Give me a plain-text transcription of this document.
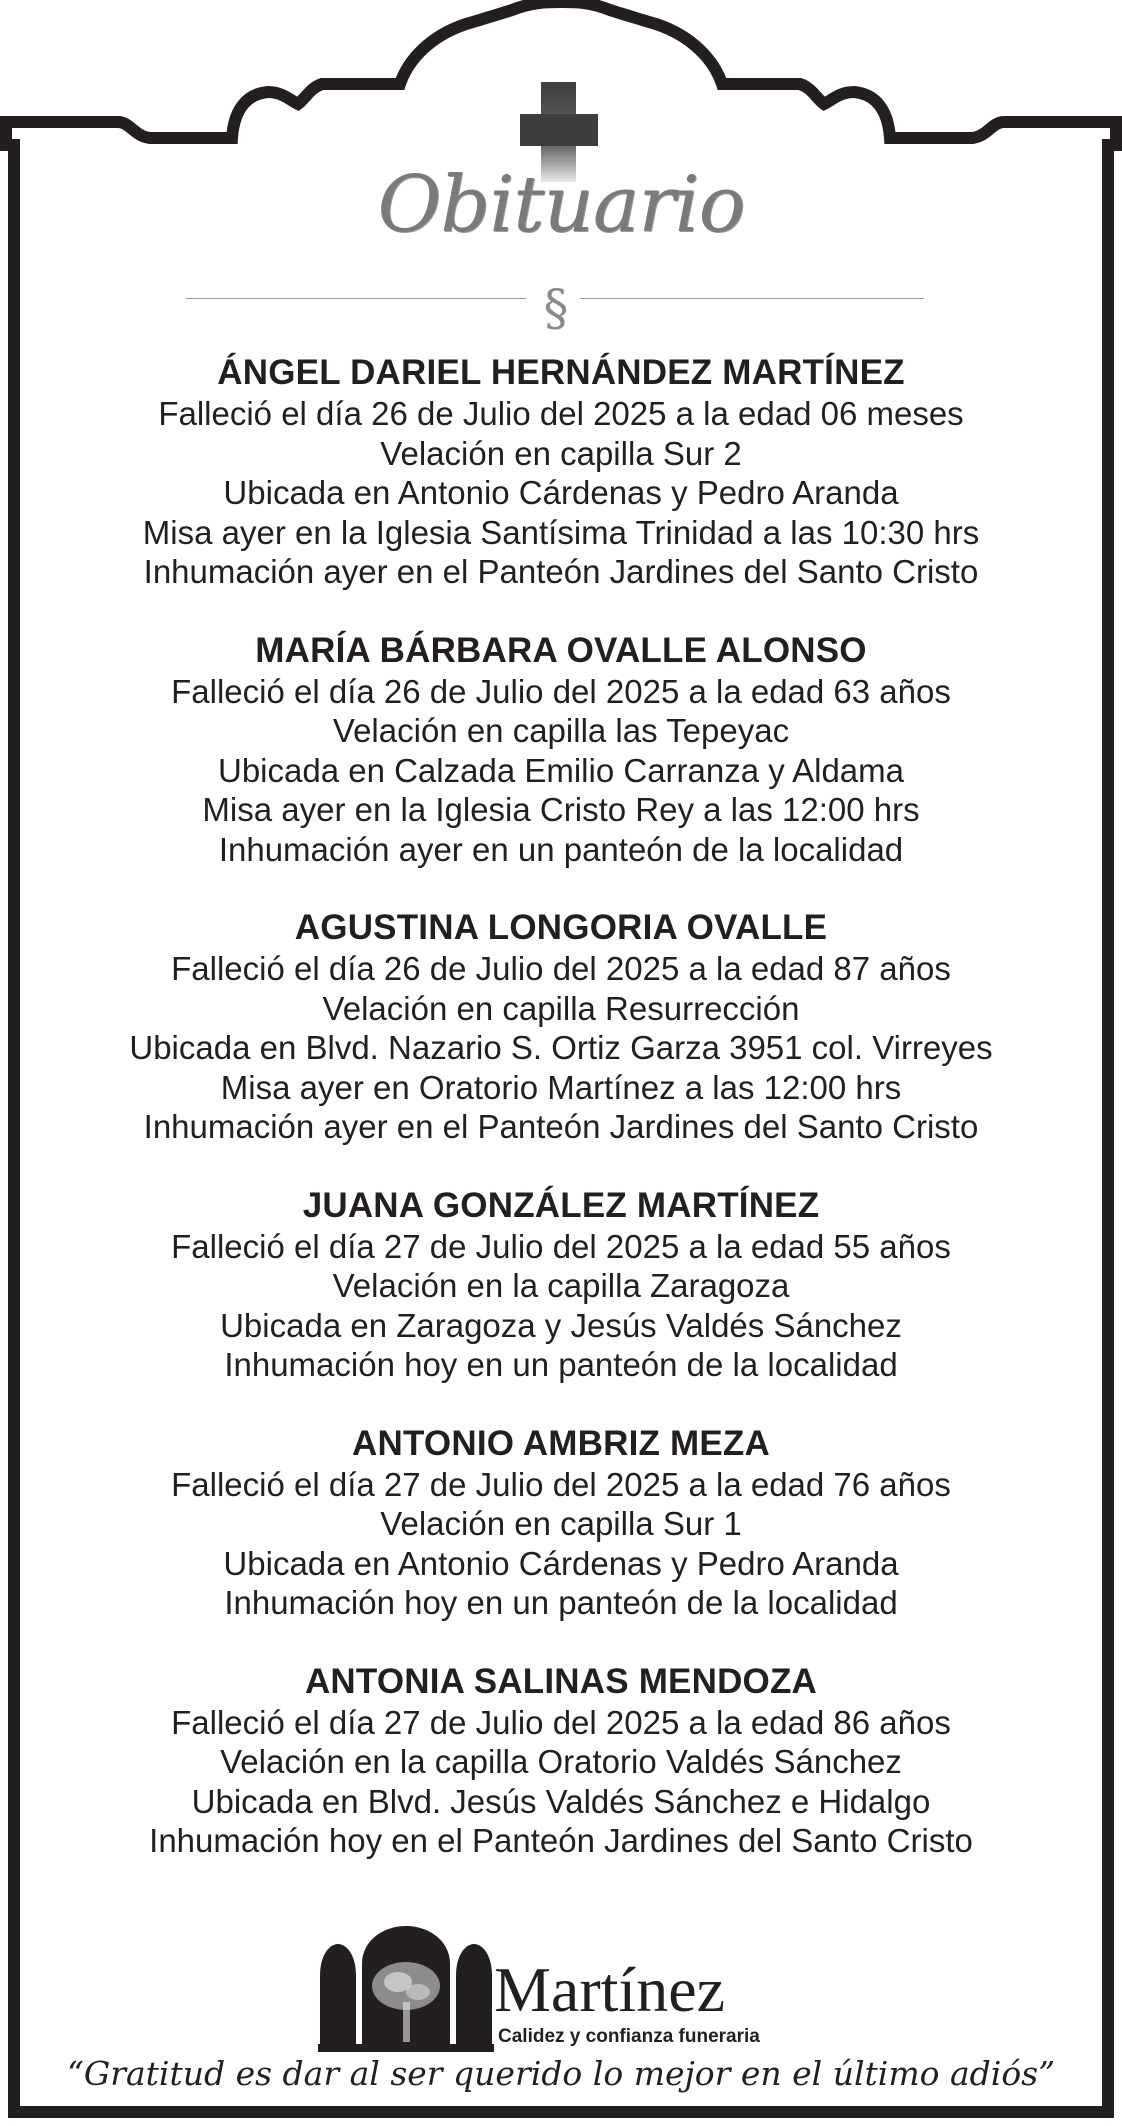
Obituario
§
ÁNGEL DARIEL HERNÁNDEZ MARTÍNEZ
Falleció el día 26 de Julio del 2025 a la edad 06 meses
Velación en capilla Sur 2
Ubicada en Antonio Cárdenas y Pedro Aranda
Misa ayer en la Iglesia Santísima Trinidad a las 10:30 hrs
Inhumación ayer en el Panteón Jardines del Santo Cristo
MARÍA BÁRBARA OVALLE ALONSO
Falleció el día 26 de Julio del 2025 a la edad 63 años
Velación en capilla las Tepeyac
Ubicada en Calzada Emilio Carranza y Aldama
Misa ayer en la Iglesia Cristo Rey a las 12:00 hrs
Inhumación ayer en un panteón de la localidad
AGUSTINA LONGORIA OVALLE
Falleció el día 26 de Julio del 2025 a la edad 87 años
Velación en capilla Resurrección
Ubicada en Blvd. Nazario S. Ortiz Garza 3951 col. Virreyes
Misa ayer en Oratorio Martínez a las 12:00 hrs
Inhumación ayer en el Panteón Jardines del Santo Cristo
JUANA GONZÁLEZ MARTÍNEZ
Falleció el día 27 de Julio del 2025 a la edad 55 años
Velación en la capilla Zaragoza
Ubicada en Zaragoza y Jesús Valdés Sánchez
Inhumación hoy en un panteón de la localidad
ANTONIO AMBRIZ MEZA
Falleció el día 27 de Julio del 2025 a la edad 76 años
Velación en capilla Sur 1
Ubicada en Antonio Cárdenas y Pedro Aranda
Inhumación hoy en un panteón de la localidad
ANTONIA SALINAS MENDOZA
Falleció el día 27 de Julio del 2025 a la edad 86 años
Velación en la capilla Oratorio Valdés Sánchez
Ubicada en Blvd. Jesús Valdés Sánchez e Hidalgo
Inhumación hoy en el Panteón Jardines del Santo Cristo
Martínez
Calidez y confianza funeraria
“Gratitud es dar al ser querido lo mejor en el último adiós”
